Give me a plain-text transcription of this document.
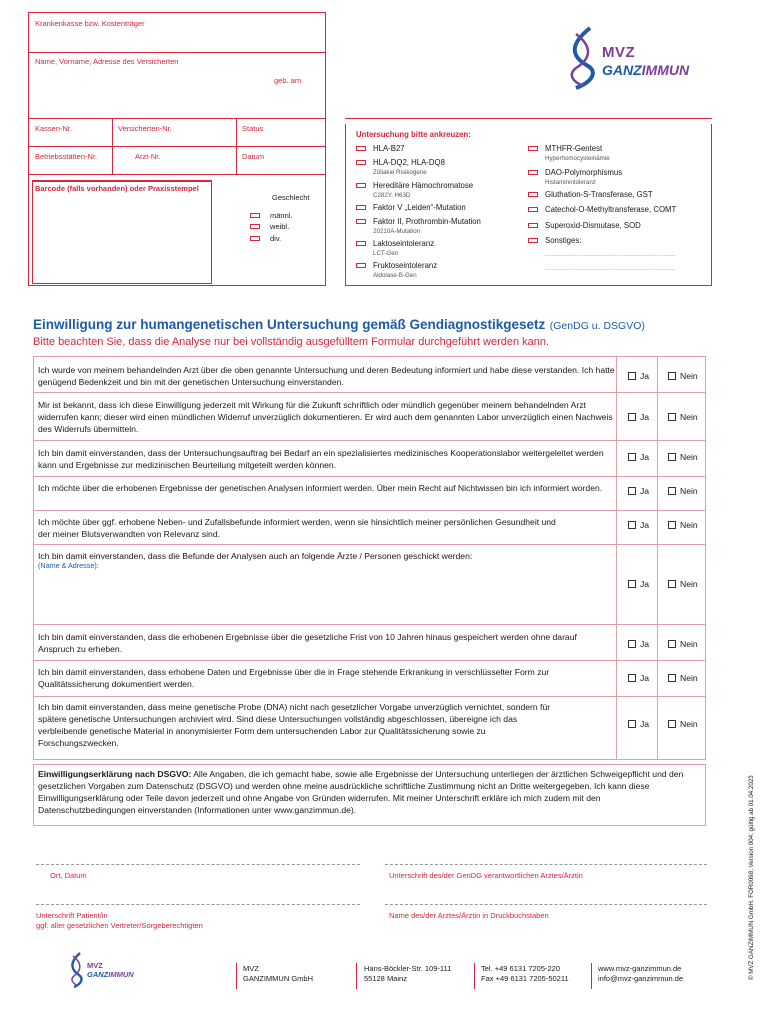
Krankenkasse bzw. Kostenträger
Name, Vorname, Adresse des Versicherten
geb. am
Kassen-Nr.	Versicherten-Nr.	Status
Betriebsstätten-Nr.	Arzt-Nr.	Datum
Barcode (falls vorhanden) oder Praxisstempel
Geschlecht
männl.
weibl.
div.
MVZ
GANZIMMUN
Untersuchung bitte ankreuzen:
HLA-B27
HLA-DQ2, HLA-DQ8
Zöliakie Risikogene
Hereditäre Hämochromatose
C282Y, H63D
Faktor V „Leiden“-Mutation
Faktor II, Prothrombin-Mutation
20210A-Mutation
Laktoseintoleranz
LCT-Gen
Fruktoseintoleranz
Aldolase-B-Gen
MTHFR-Gentest
Hyperhomocysteinämie
DAO-Polymorphismus
Histaminintoleranz
Gluthation-S-Transferase, GST
Catechol-O-Methyltransferase, COMT
Superoxid-Dismutase, SOD
Sonstiges:
..............................................................................
..............................................................................
Einwilligung zur humangenetischen Untersuchung gemäß Gendiagnostikgesetz (GenDG u. DSGVO)
Bitte beachten Sie, dass die Analyse nur bei vollständig ausgefülltem Formular durchgeführt werden kann.
Ich wurde von meinem behandelnden Arzt über die oben genannte Untersuchung und deren Bedeutung informiert und habe diese verstanden. Ich hatte genügend Bedenkzeit und bin mit der genetischen Untersuchung einverstanden.
Ja	Nein
Mir ist bekannt, dass ich diese Einwilligung jederzeit mit Wirkung für die Zukunft schriftlich oder mündlich gegenüber meinem behandelnden Arzt widerrufen kann; dieser wird einen mündlichen Widerruf unverzüglich dokumentieren. Er wird auch dem genannten Labor unverzüglich einen Nachweis des Widerrufs übermitteln.
Ja	Nein
Ich bin damit einverstanden, dass der Untersuchungsauftrag bei Bedarf an ein spezialisiertes medizinisches Kooperationslabor weitergeleitet werden kann und Ergebnisse zur medizinischen Beurteilung mitgeteilt werden können.
Ja	Nein
Ich möchte über die erhobenen Ergebnisse der genetischen Analysen informiert werden. Über mein Recht auf Nichtwissen bin ich informiert worden.	Ja	Nein
Ich möchte über ggf. erhobene Neben- und Zufallsbefunde informiert werden, wenn sie hinsichtlich meiner persönlichen Gesundheit und der meiner Blutsverwandten von Relevanz sind.
Ja	Nein
Ich bin damit einverstanden, dass die Befunde der Analysen auch an folgende Ärzte / Personen geschickt werden:
(Name & Adresse):
Ja	Nein
Ich bin damit einverstanden, dass die erhobenen Ergebnisse über die gesetzliche Frist von 10 Jahren hinaus gespeichert werden ohne darauf Anspruch zu erheben.	Ja	Nein
Ich bin damit einverstanden, dass erhobene Daten und Ergebnisse über die in Frage stehende Erkrankung in verschlüsselter Form zur Qualitätssicherung dokumentiert werden.
Ja	Nein
Ich bin damit einverstanden, dass meine genetische Probe (DNA) nicht nach gesetzlicher Vorgabe unverzüglich vernichtet, sondern für spätere genetische Untersuchungen archiviert wird. Sind diese Untersuchungen vollständig abgeschlossen, übereigne ich das verbleibende genetische Material in anonymisierter Form dem untersuchenden Labor zur Qualitätssicherung sowie zu Forschungszwecken.
Ja	Nein
Einwilligungserklärung nach DSGVO: Alle Angaben, die ich gemacht habe, sowie alle Ergebnisse der Untersuchung unterliegen der ärztlichen Schweigepflicht und den gesetzlichen Vorgaben zum Datenschutz (DSGVO) und werden ohne meine ausdrückliche schriftliche Zustimmung nicht an Dritte weitergegeben. Ich kann diese Einwilligungserklärung oder Teile davon jederzeit und ohne Angabe von Gründen widerrufen. Mit meiner Unterschrift erkläre ich mich zudem mit den Datenschutzbedingungen einverstanden (Informationen unter www.ganzimmun.de).
Ort, Datum	Unterschrift des/der GenDG verantwortlichen Arztes/Ärztin
Unterschrift Patient/in
ggf. aller gesetzlichen Vertreter/Sorgeberechtigten
Name des/der Arztes/Ärztin in Druckbuchstaben
MVZ
GANZIMMUN
MVZ
GANZIMMUN GmbH
Hans-Böckler-Str. 109-111
55128 Mainz
Tel. +49 6131 7205-220
Fax +49 6131 7205-50211
www.mvz-ganzimmun.de
info@mvz-ganzimmun.de	© MVZ GANZIMMUN GmbH, FOR0098; Version 004; gültig ab 01.04.2023
